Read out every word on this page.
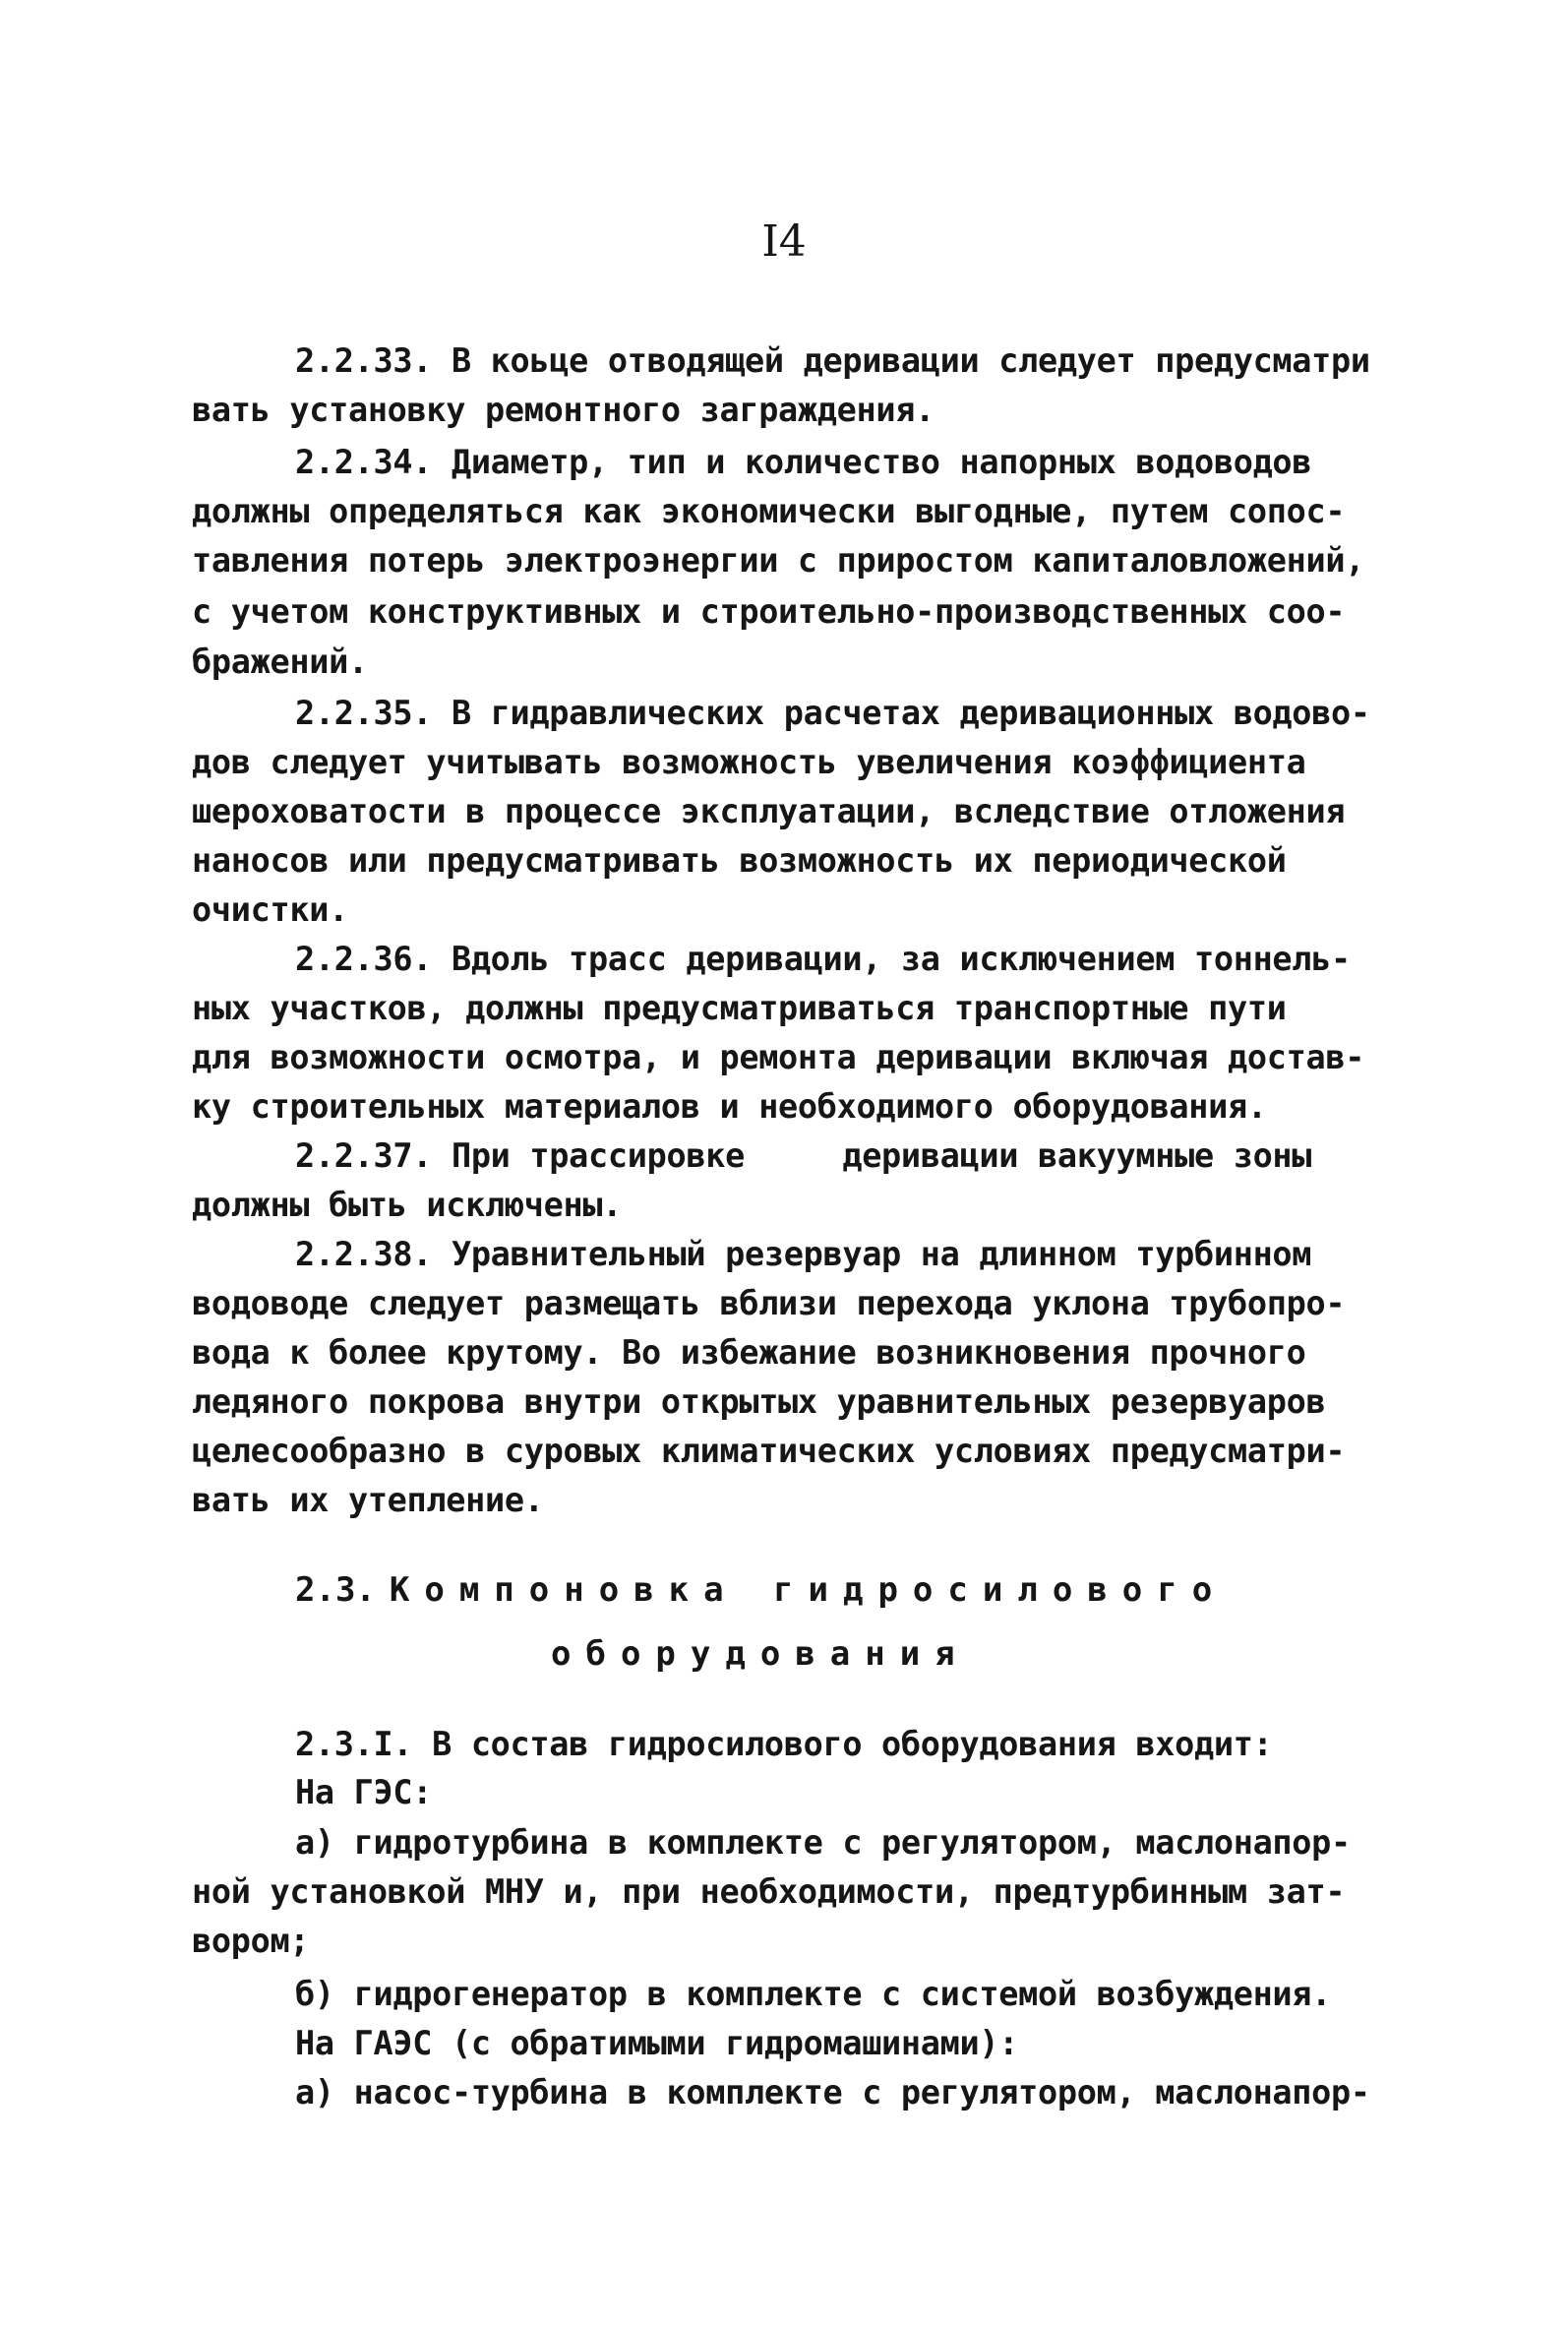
I4
2.2.33. В коьце отводящей деривации следует предусматри
вать установку ремонтного заграждения.
2.2.34. Диаметр, тип и количество напорных водоводов
должны определяться как экономически выгодные, путем сопос-
тавления потерь электроэнергии с приростом капиталовложений,
с учетом конструктивных и строительно-производственных соо-
бражений.
2.2.35. В гидравлических расчетах деривационных водово-
дов следует учитывать возможность увеличения коэффициента
шероховатости в процессе эксплуатации, вследствие отложения
наносов или предусматривать возможность их периодической
очистки.
2.2.36. Вдоль трасс деривации, за исключением тоннель-
ных участков, должны предусматриваться транспортные пути
для возможности осмотра, и ремонта деривации включая достав-
ку строительных материалов и необходимого оборудования.
2.2.37. При трассировке     деривации вакуумные зоны
должны быть исключены.
2.2.38. Уравнительный резервуар на длинном турбинном
водоводе следует размещать вблизи перехода уклона трубопро-
вода к более крутому. Во избежание возникновения прочного
ледяного покрова внутри открытых уравнительных резервуаров
целесообразно в суровых климатических условиях предусматри-
вать их утепление.
2.3. Компоновка гидросилового
оборудования
2.3.I. В состав гидросилового оборудования входит:
На ГЭС:
а) гидротурбина в комплекте с регулятором, маслонапор-
ной установкой МНУ и, при необходимости, предтурбинным зат-
вором;
б) гидрогенератор в комплекте с системой возбуждения.
На ГАЭС (с обратимыми гидромашинами):
а) насос-турбина в комплекте с регулятором, маслонапор-
